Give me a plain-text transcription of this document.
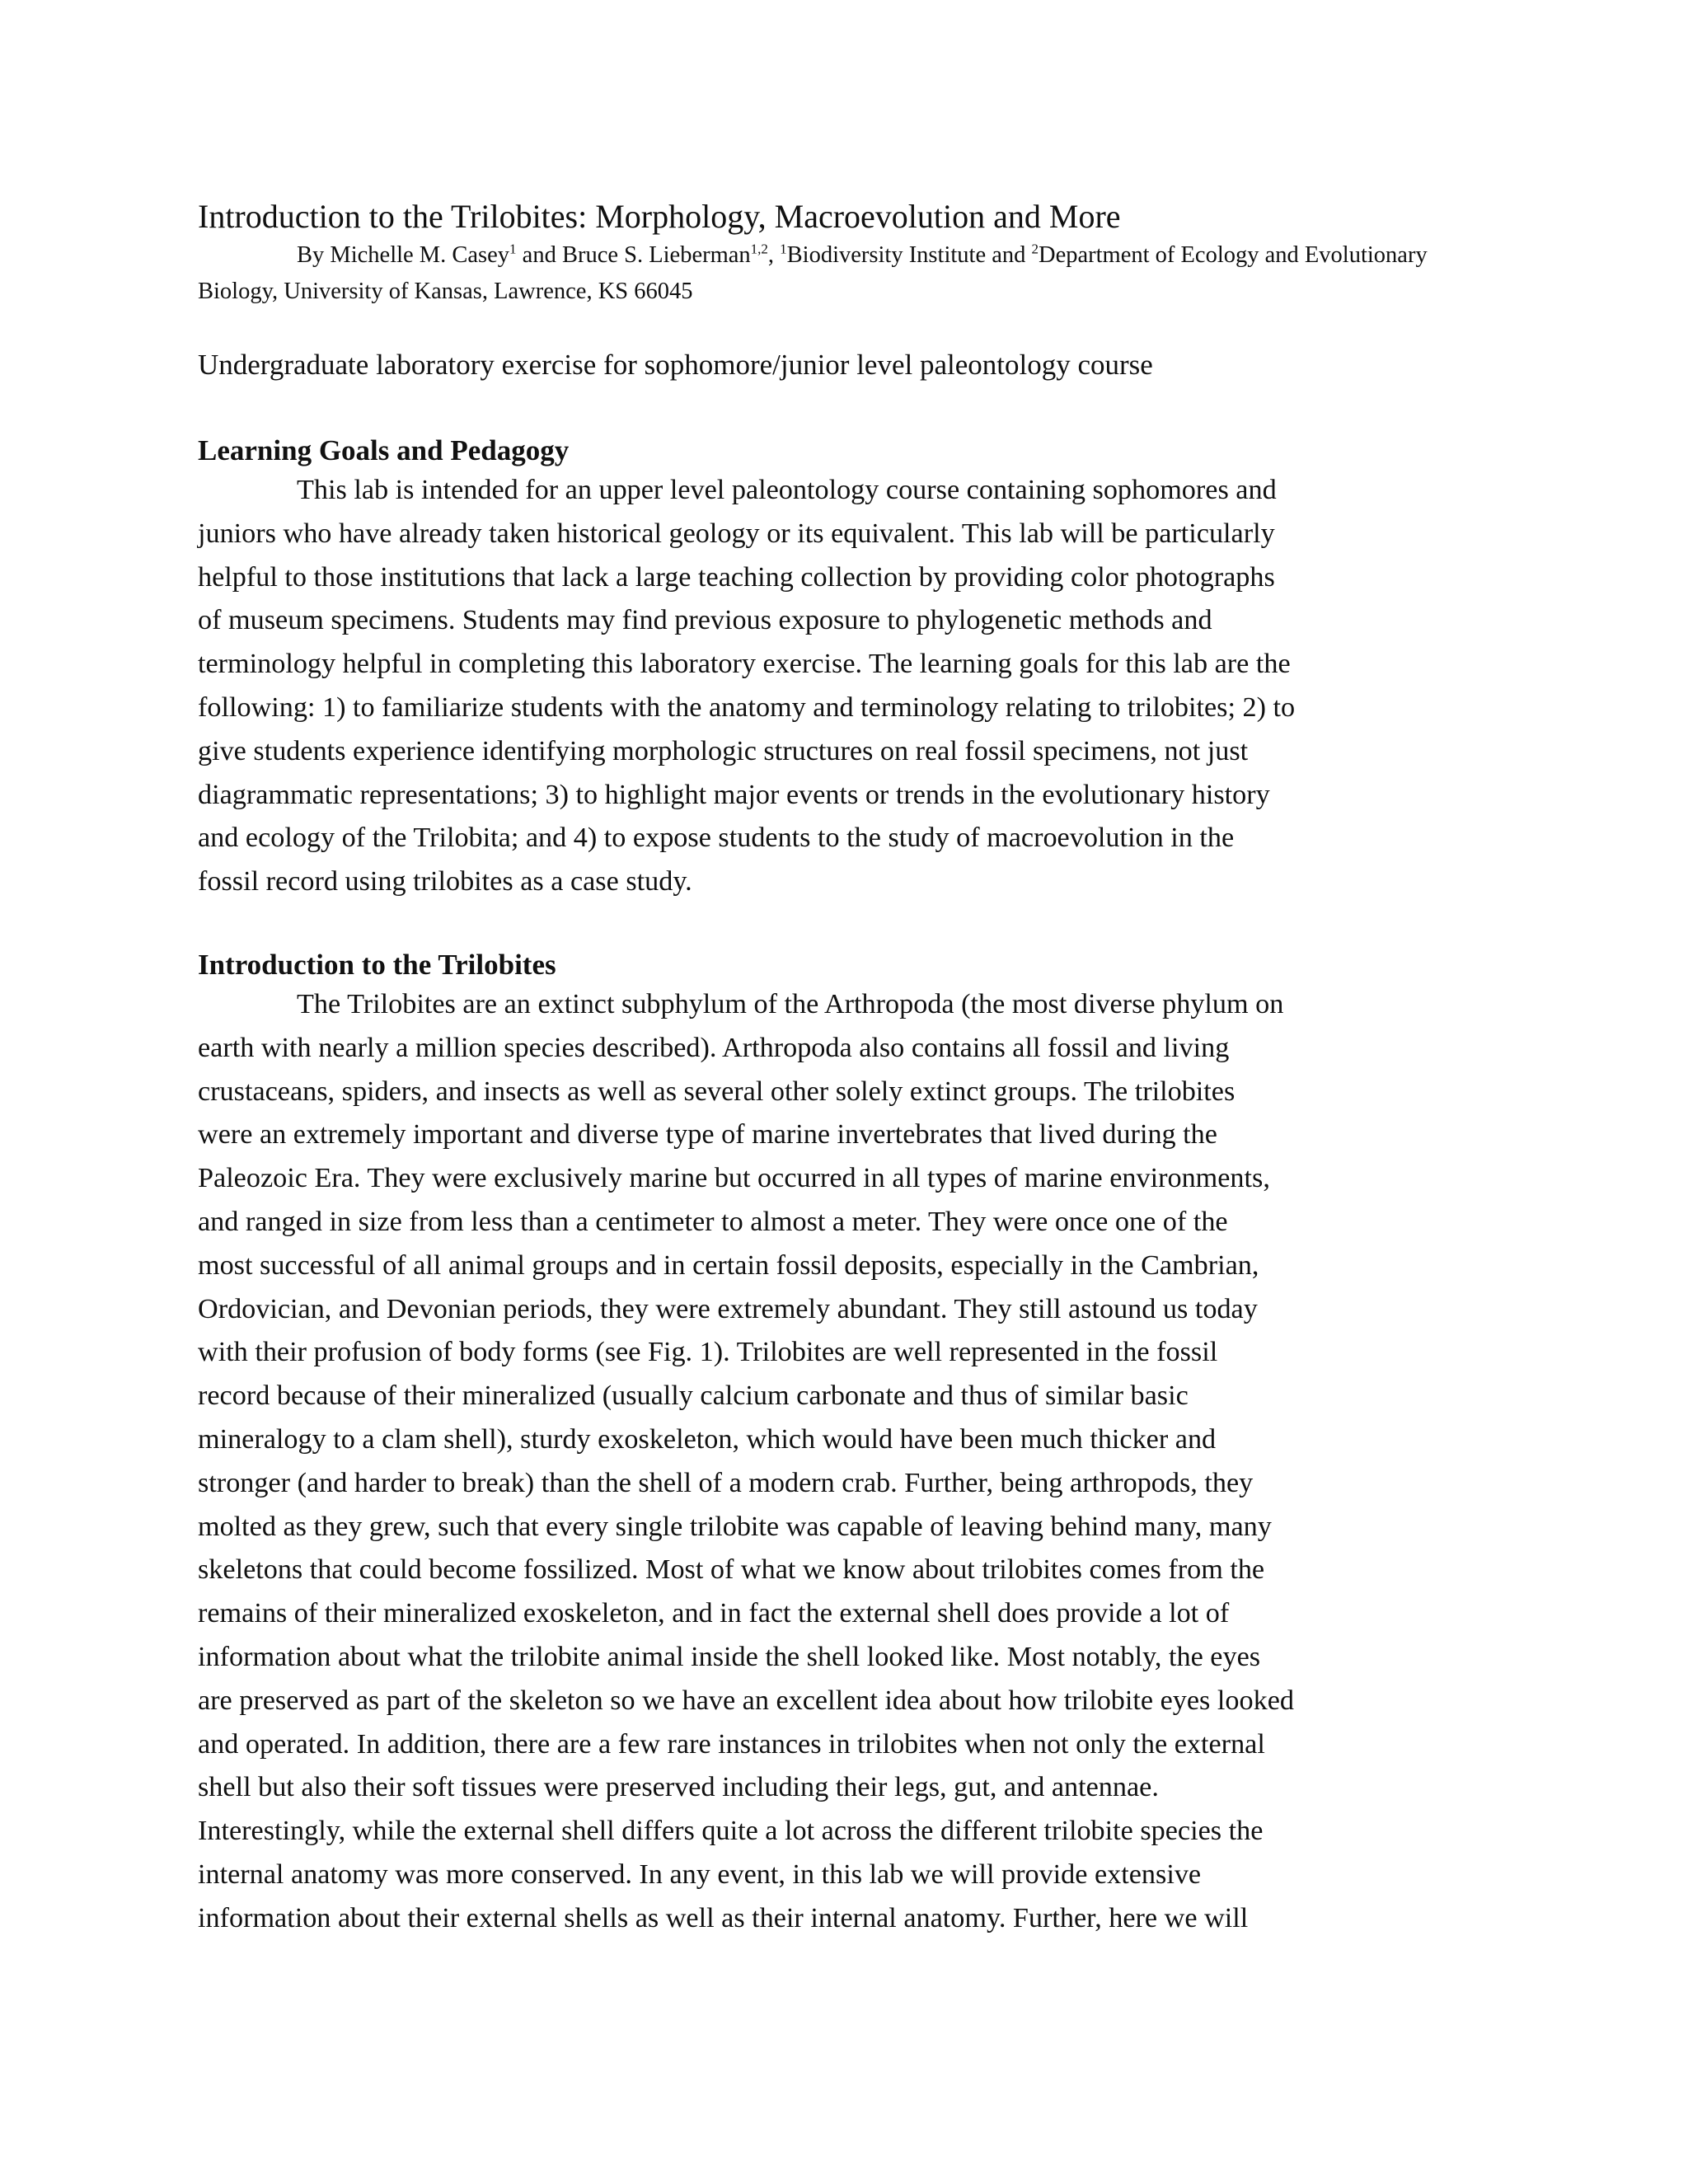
Introduction to the Trilobites: Morphology, Macroevolution and More

By Michelle M. Casey$^1$ and Bruce S. Lieberman$^{1,2}$, $^1$Biodiversity Institute and $^2$Department of Ecology and Evolutionary Biology, University of Kansas, Lawrence, KS 66045

Undergraduate laboratory exercise for sophomore/junior level paleontology course

Learning Goals and Pedagogy

This lab is intended for an upper level paleontology course containing sophomores and
juniors who have already taken historical geology or its equivalent. This lab will be particularly
helpful to those institutions that lack a large teaching collection by providing color photographs
of museum specimens. Students may find previous exposure to phylogenetic methods and
terminology helpful in completing this laboratory exercise. The learning goals for this lab are the
following: 1) to familiarize students with the anatomy and terminology relating to trilobites; 2) to
give students experience identifying morphologic structures on real fossil specimens, not just
diagrammatic representations; 3) to highlight major events or trends in the evolutionary history
and ecology of the Trilobita; and 4) to expose students to the study of macroevolution in the
fossil record using trilobites as a case study.

Introduction to the Trilobites

The Trilobites are an extinct subphylum of the Arthropoda (the most diverse phylum on
earth with nearly a million species described). Arthropoda also contains all fossil and living
crustaceans, spiders, and insects as well as several other solely extinct groups. The trilobites
were an extremely important and diverse type of marine invertebrates that lived during the
Paleozoic Era. They were exclusively marine but occurred in all types of marine environments,
and ranged in size from less than a centimeter to almost a meter. They were once one of the
most successful of all animal groups and in certain fossil deposits, especially in the Cambrian,
Ordovician, and Devonian periods, they were extremely abundant. They still astound us today
with their profusion of body forms (see Fig. 1). Trilobites are well represented in the fossil
record because of their mineralized (usually calcium carbonate and thus of similar basic
mineralogy to a clam shell), sturdy exoskeleton, which would have been much thicker and
stronger (and harder to break) than the shell of a modern crab. Further, being arthropods, they
molted as they grew, such that every single trilobite was capable of leaving behind many, many
skeletons that could become fossilized. Most of what we know about trilobites comes from the
remains of their mineralized exoskeleton, and in fact the external shell does provide a lot of
information about what the trilobite animal inside the shell looked like. Most notably, the eyes
are preserved as part of the skeleton so we have an excellent idea about how trilobite eyes looked
and operated. In addition, there are a few rare instances in trilobites when not only the external
shell but also their soft tissues were preserved including their legs, gut, and antennae.
Interestingly, while the external shell differs quite a lot across the different trilobite species the
internal anatomy was more conserved. In any event, in this lab we will provide extensive
information about their external shells as well as their internal anatomy. Further, here we will
